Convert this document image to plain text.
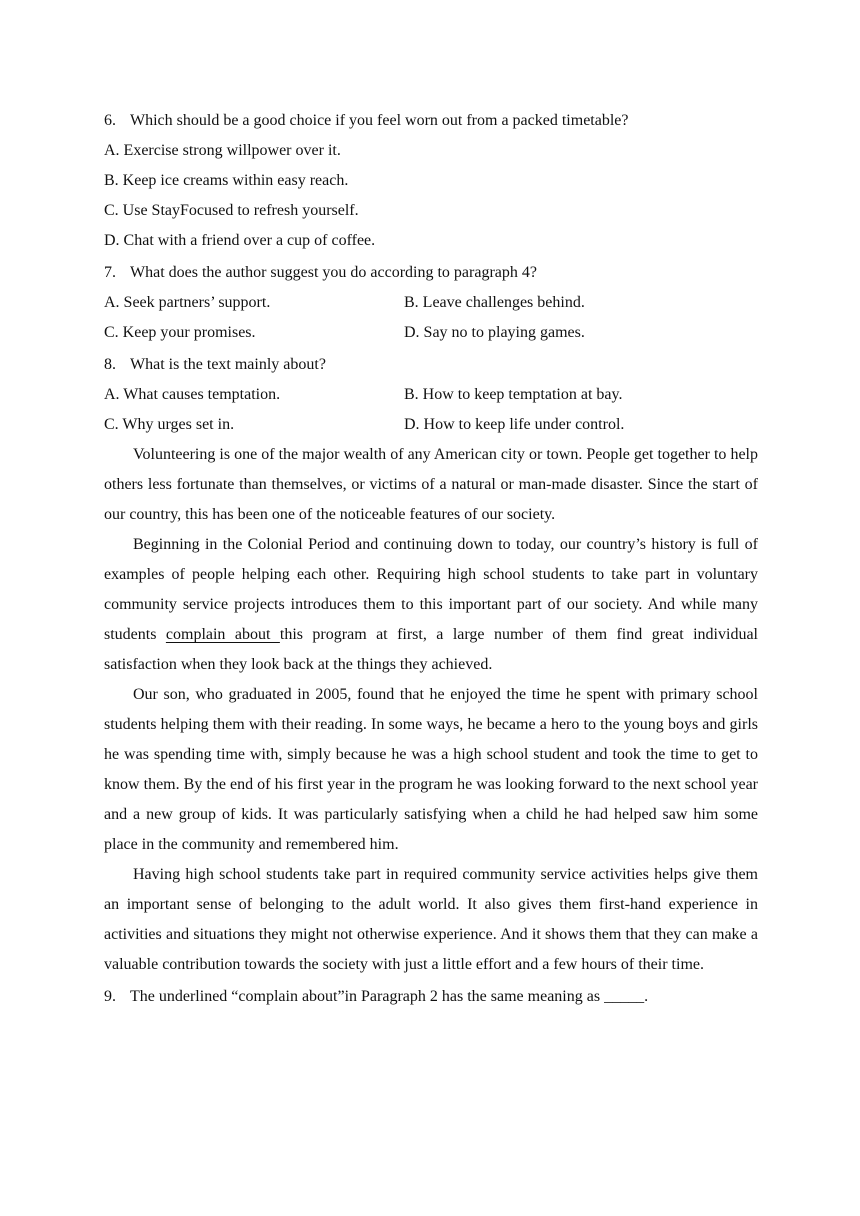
6. Which should be a good choice if you feel worn out from a packed timetable?
A. Exercise strong willpower over it.
B. Keep ice creams within easy reach.
C. Use StayFocused to refresh yourself.
D. Chat with a friend over a cup of coffee.
7. What does the author suggest you do according to paragraph 4?
A. Seek partners’ support.	B. Leave challenges behind.
C. Keep your promises.	D. Say no to playing games.
8. What is the text mainly about?
A. What causes temptation.	B. How to keep temptation at bay.
C. Why urges set in.	D. How to keep life under control.

Volunteering is one of the major wealth of any American city or town. People get together to help others less fortunate than themselves, or victims of a natural or man-made disaster. Since the start of our country, this has been one of the noticeable features of our society.

Beginning in the Colonial Period and continuing down to today, our country’s history is full of examples of people helping each other. Requiring high school students to take part in voluntary community service projects introduces them to this important part of our society. And while many students complain about this program at first, a large number of them find great individual satisfaction when they look back at the things they achieved.

Our son, who graduated in 2005, found that he enjoyed the time he spent with primary school students helping them with their reading. In some ways, he became a hero to the young boys and girls he was spending time with, simply because he was a high school student and took the time to get to know them. By the end of his first year in the program he was looking forward to the next school year and a new group of kids. It was particularly satisfying when a child he had helped saw him some place in the community and remembered him.

Having high school students take part in required community service activities helps give them an important sense of belonging to the adult world. It also gives them first-hand experience in activities and situations they might not otherwise experience. And it shows them that they can make a valuable contribution towards the society with just a little effort and a few hours of their time.

9. The underlined “complain about”in Paragraph 2 has the same meaning as _____.
